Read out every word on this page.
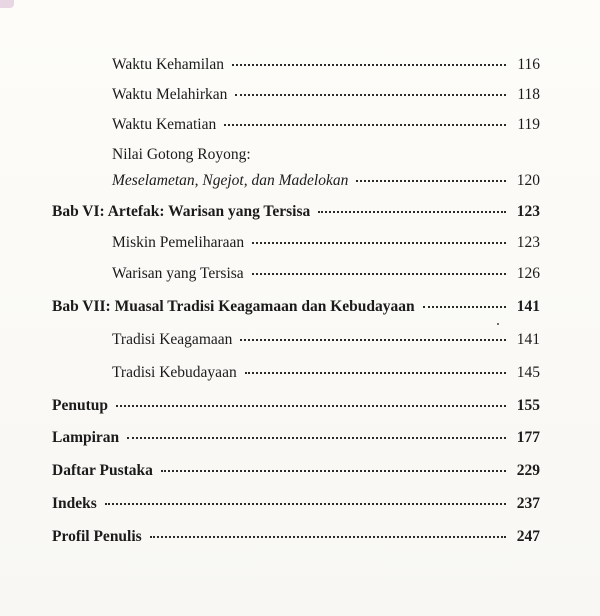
Waktu Kehamilan	116
Waktu Melahirkan	118
Waktu Kematian	119
Nilai Gotong Royong:
Meselametan, Ngejot, dan Madelokan	120
Bab VI: Artefak: Warisan yang Tersisa	123
Miskin Pemeliharaan	123
Warisan yang Tersisa	126
Bab VII: Muasal Tradisi Keagamaan dan Kebudayaan	141
Tradisi Keagamaan	141
Tradisi Kebudayaan	145
Penutup	155
Lampiran	177
Daftar Pustaka	229
Indeks	237
Profil Penulis	247
